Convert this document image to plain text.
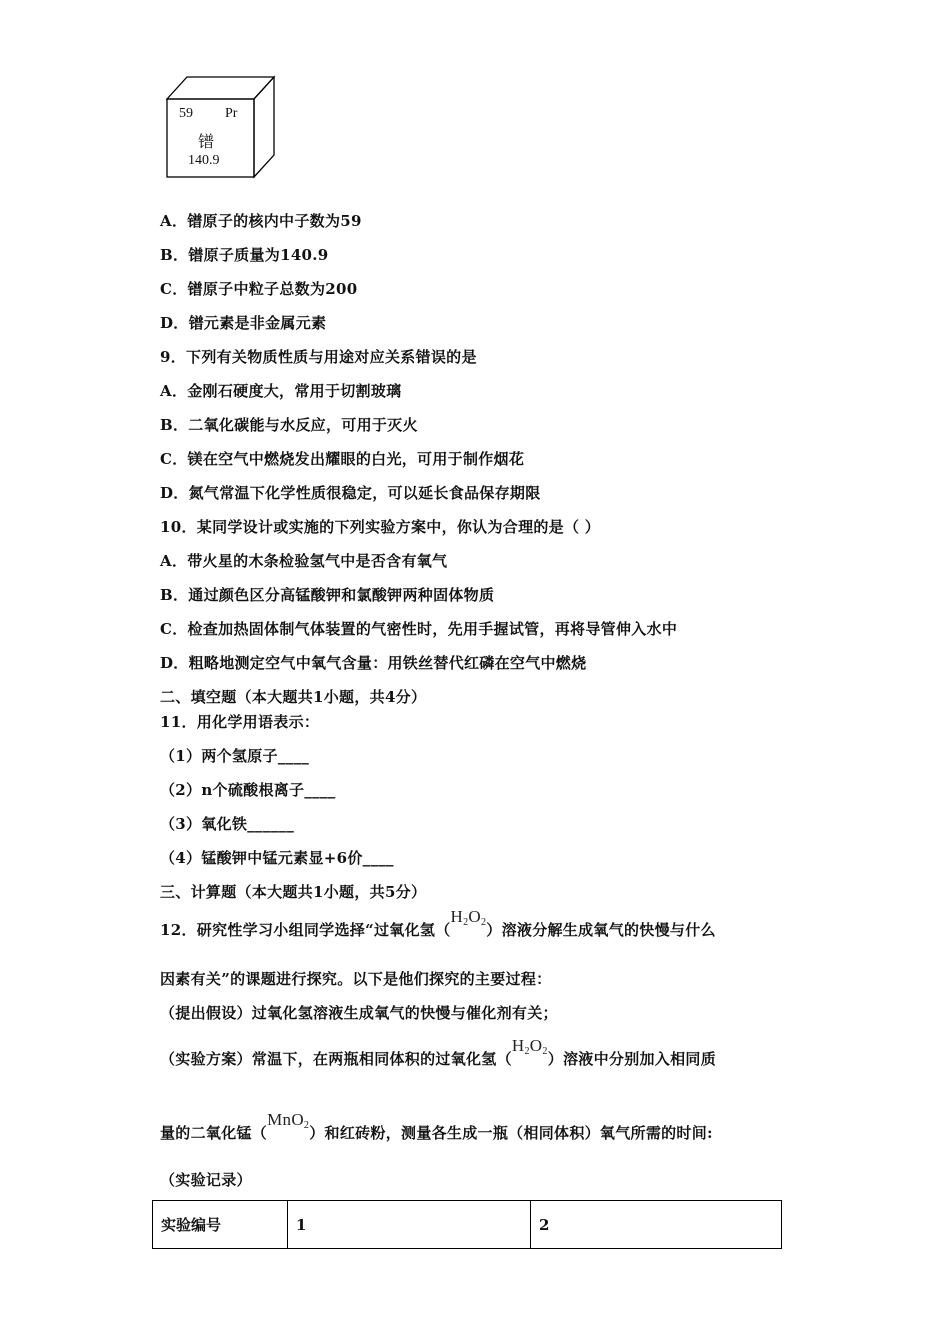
59 Pr
镨
140.9
A．镨原子的核内中子数为59
B．镨原子质量为140.9
C．镨原子中粒子总数为200
D．镨元素是非金属元素
9．下列有关物质性质与用途对应关系错误的是
A．金刚石硬度大，常用于切割玻璃
B．二氧化碳能与水反应，可用于灭火
C．镁在空气中燃烧发出耀眼的白光，可用于制作烟花
D．氮气常温下化学性质很稳定，可以延长食品保存期限
10．某同学设计或实施的下列实验方案中，你认为合理的是（ ）
A．带火星的木条检验氢气中是否含有氧气
B．通过颜色区分高锰酸钾和氯酸钾两种固体物质
C．检查加热固体制气体装置的气密性时，先用手握试管，再将导管伸入水中
D．粗略地测定空气中氧气含量：用铁丝替代红磷在空气中燃烧
二、填空题（本大题共1小题，共4分）
11．用化学用语表示：
（1）两个氢原子____
（2）n个硫酸根离子____
（3）氧化铁______
（4）锰酸钾中锰元素显+6价____
三、计算题（本大题共1小题，共5分）
12．研究性学习小组同学选择“过氧化氢$(H_2O_2)$溶液分解生成氧气的快慢与什么
因素有关”的课题进行探究。以下是他们探究的主要过程：
（提出假设）过氧化氢溶液生成氧气的快慢与催化剂有关；
（实验方案）常温下，在两瓶相同体积的过氧化氢$(H_2O_2)$溶液中分别加入相同质
量的二氧化锰（MnO$_2$）和红砖粉，测量各生成一瓶（相同体积）氧气所需的时间:
（实验记录）
实验编号	1	2
